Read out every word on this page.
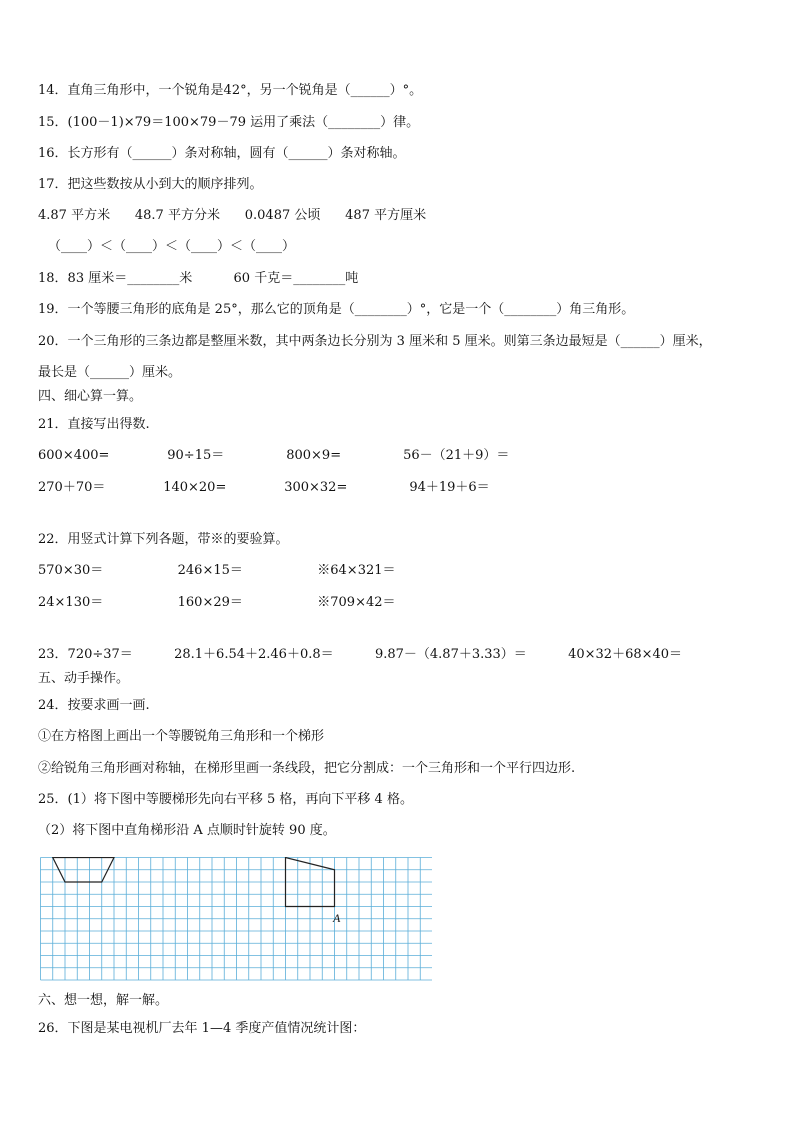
14．直角三角形中，一个锐角是42°，另一个锐角是（______）°。
15．(100－1)×79＝100×79－79 运用了乘法（________）律。
16．长方形有（______）条对称轴，圆有（______）条对称轴。
17．把这些数按从小到大的顺序排列。
4.87 平方米      48.7 平方分米      0.0487 公顷      487 平方厘米
（____）＜（____）＜（____）＜（____）
18．83 厘米＝________米          60 千克＝________吨
19．一个等腰三角形的底角是 25°，那么它的顶角是（________）°，它是一个（________）角三角形。
20．一个三角形的三条边都是整厘米数，其中两条边长分别为 3 厘米和 5 厘米。则第三条边最短是（______）厘米，
最长是（______）厘米。
四、细心算一算。
21．直接写出得数.
600×400=              90÷15＝               800×9=               56－（21＋9）＝
270＋70＝              140×20=              300×32=               94＋19＋6＝
22．用竖式计算下列各题，带※的要验算。
570×30＝                  246×15＝                  ※64×321＝
24×130＝                  160×29＝                  ※709×42＝
23．720÷37＝          28.1＋6.54＋2.46＋0.8＝          9.87－（4.87＋3.33）＝          40×32＋68×40＝
五、动手操作。
24．按要求画一画.
①在方格图上画出一个等腰锐角三角形和一个梯形
②给锐角三角形画对称轴，在梯形里画一条线段，把它分割成：一个三角形和一个平行四边形.
25．(1）将下图中等腰梯形先向右平移 5 格，再向下平移 4 格。
（2）将下图中直角梯形沿 A 点顺时针旋转 90 度。
A
六、想一想，解一解。
26．下图是某电视机厂去年 1—4 季度产值情况统计图：
